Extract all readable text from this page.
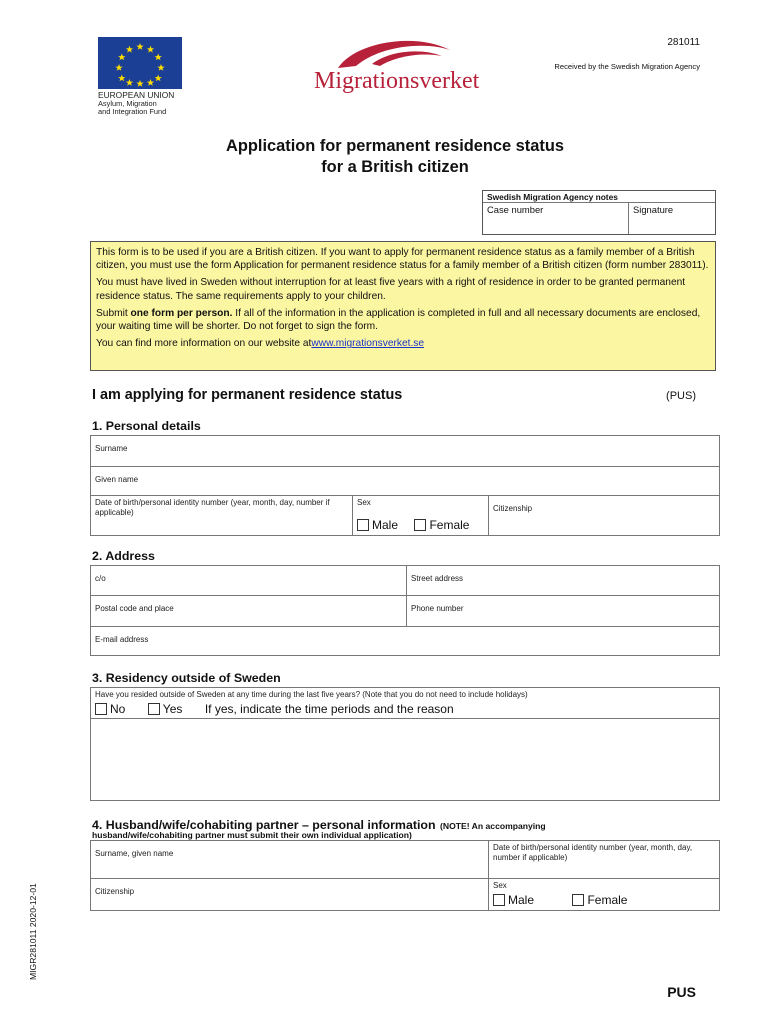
EUROPEAN UNION
Asylum, Migration
and Integration Fund
Migrationsverket
281011
Received by the Swedish Migration Agency
Application for permanent residence status
for a British citizen
Swedish Migration Agency notes
Case number	Signature

This form is to be used if you are a British citizen. If you want to apply for permanent residence status as a family member of a British citizen, you must use the form Application for permanent residence status for a family member of a British citizen (form number 283011).

You must have lived in Sweden without interruption for at least five years with a right of residence in order to be granted permanent residence status. The same requirements apply to your children.

Submit one form per person. If all of the information in the application is completed in full and all necessary documents are enclosed, your waiting time will be shorter. Do not forget to sign the form.

You can find more information on our website atwww.migrationsverket.se

I am applying for permanent residence status	(PUS)
1. Personal details
Surname
Given name
Date of birth/personal identity number (year, month, day, number if applicable)
Sex
Male	Female
Citizenship
2. Address
c/o	Street address
Postal code and place	Phone number
E-mail address
3. Residency outside of Sweden
Have you resided outside of Sweden at any time during the last five years? (Note that you do not need to include holidays)
No	Yes If yes, indicate the time periods and the reason
4. Husband/wife/cohabiting partner – personal information (NOTE! An accompanying
husband/wife/cohabiting partner must submit their own individual application)
Surname, given name
Date of birth/personal identity number (year, month, day, number if applicable)
Citizenship
Sex
Male	Female
MIGR281011 2020-12-01
PUS
